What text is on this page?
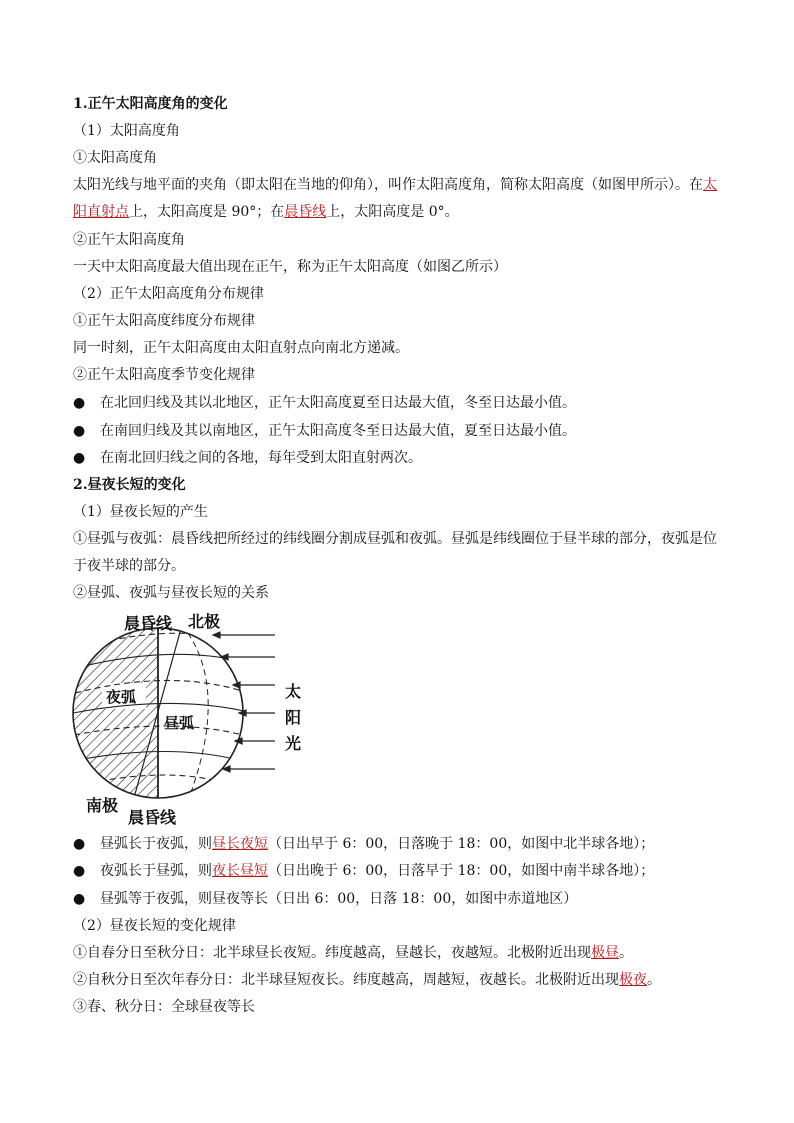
1.正午太阳高度角的变化
（1）太阳高度角
①太阳高度角
太阳光线与地平面的夹角（即太阳在当地的仰角），叫作太阳高度角，简称太阳高度（如图甲所示）。在太
阳直射点上，太阳高度是 90°；在晨昏线上，太阳高度是 0°。
②正午太阳高度角
一天中太阳高度最大值出现在正午，称为正午太阳高度（如图乙所示）
（2）正午太阳高度角分布规律
①正午太阳高度纬度分布规律
同一时刻，正午太阳高度由太阳直射点向南北方递减。
②正午太阳高度季节变化规律
● 在北回归线及其以北地区，正午太阳高度夏至日达最大值，冬至日达最小值。
● 在南回归线及其以南地区，正午太阳高度冬至日达最大值，夏至日达最小值。
● 在南北回归线之间的各地，每年受到太阳直射两次。
2.昼夜长短的变化
（1）昼夜长短的产生
①昼弧与夜弧：晨昏线把所经过的纬线圈分割成昼弧和夜弧。昼弧是纬线圈位于昼半球的部分，夜弧是位
于夜半球的部分。
②昼弧、夜弧与昼夜长短的关系
晨昏线 北极
夜弧
昼弧
太
阳
光
南极
晨昏线
● 昼弧长于夜弧，则昼长夜短（日出早于 6：00，日落晚于 18：00，如图中北半球各地）；
● 夜弧长于昼弧，则夜长昼短（日出晚于 6：00，日落早于 18：00，如图中南半球各地）；
● 昼弧等于夜弧，则昼夜等长（日出 6：00，日落 18：00，如图中赤道地区）
（2）昼夜长短的变化规律
①自春分日至秋分日：北半球昼长夜短。纬度越高，昼越长，夜越短。北极附近出现极昼。
②自秋分日至次年春分日：北半球昼短夜长。纬度越高，周越短，夜越长。北极附近出现极夜。
③春、秋分日：全球昼夜等长
